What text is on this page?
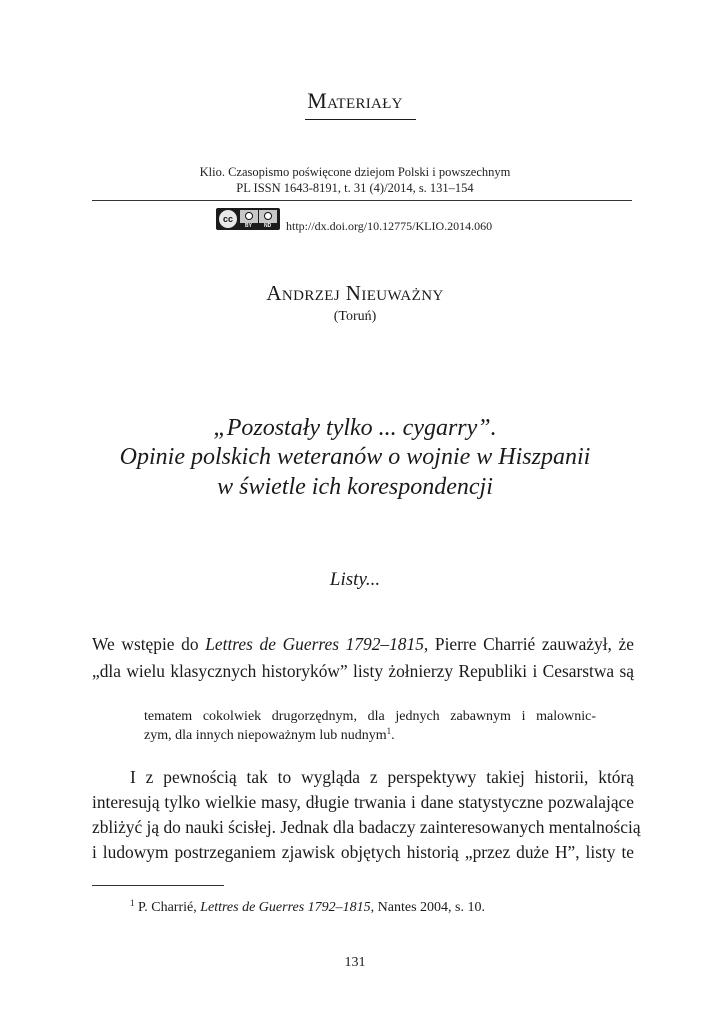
Materiały
Klio. Czasopismo poświęcone dziejom Polski i powszechnym
PL ISSN 1643-8191, t. 31 (4)/2014, s. 131–154
cc
BY ND http://dx.doi.org/10.12775/KLIO.2014.060
Andrzej Nieuważny
(Toruń)
„Pozostały tylko ... cygarry”.
Opinie polskich weteranów o wojnie w Hiszpanii
w świetle ich korespondencji
Listy...
We wstępie do Lettres de Guerres 1792–1815, Pierre Charrié zauważył, że
„dla wielu klasycznych historyków” listy żołnierzy Republiki i Cesarstwa są
tematem cokolwiek drugorzędnym, dla jednych zabawnym i malownic-
zym, dla innych niepoważnym lub nudnym$^1$.
I z pewnością tak to wygląda z perspektywy takiej historii, którą
interesują tylko wielkie masy, długie trwania i dane statystyczne pozwalające
zbliżyć ją do nauki ścisłej. Jednak dla badaczy zainteresowanych mentalnością
i ludowym postrzeganiem zjawisk objętych historią „przez duże H”, listy te
$^1$ P. Charrié, Lettres de Guerres 1792–1815, Nantes 2004, s. 10.
131
